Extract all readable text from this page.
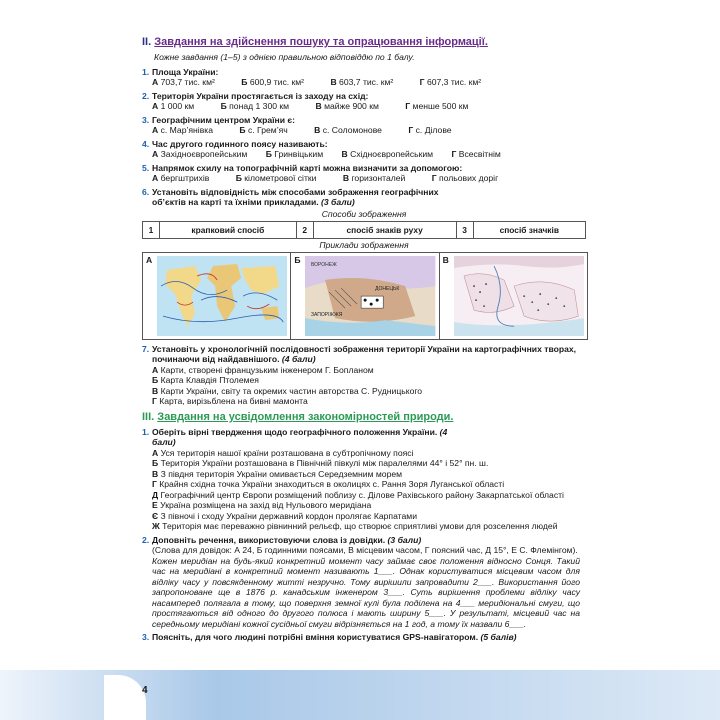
II. Завдання на здійснення пошуку та опрацювання інформації.
Кожне завдання (1–5) з однією правильною відповіддю по 1 балу.
1. Площа України:
А 703,7 тис. км²	Б 600,9 тис. км²	В 603,7 тис. км²	Г 607,3 тис. км²
2. Територія України простягається із заходу на схід:
А 1 000 км	Б понад 1 300 км	В майже 900 км	Г менше 500 км
3. Географічним центром України є:
А с. Мар’янівка	Б с. Грем’яч	В с. Соломонове	Г с. Ділове
4. Час другого годинного поясу називають:
А Західноєвропейським Б Гринвіцьким В Східноєвропейським Г Всесвітнім
5. Напрямок схилу на топографічній карті можна визначити за допомогою:
А бергштрихів	Б кілометрової сітки	В горизонталей	Г польових доріг
6. Установіть відповідність між способами зображення географічних об’єктів на карті та їхніми прикладами. (3 бали)
Способи зображення
1	крапковий спосіб	2	спосіб знаків руху	3	спосіб значків
Приклади зображення
А	Б
ВОРОНЕЖ
ДОНЕЦЬК
ЗАПОРІЖЖЯ
В
7. Установіть у хронологічній послідовності зображення території України на картографічних творах, починаючи від найдавнішого. (4 бали)
А Карти, створені французьким інженером Г. Бопланом
Б Карта Клавдія Птолемея
В Карти України, світу та окремих частин авторства С. Рудницького
Г Карта, вирізьблена на бивні мамонта
III. Завдання на усвідомлення закономірностей природи.
1. Оберіть вірні твердження щодо географічного положення України. (4 бали)
А Уся територія нашої країни розташована в субтропічному поясі
Б Територія України розташована в Північній півкулі між паралелями 44° і 52° пн. ш.
В З півдня територія України омивається Середземним морем
Г Крайня східна точка України знаходиться в околицях с. Рання Зоря Луганської області
Д Географічний центр Європи розміщений поблизу с. Ділове Рахівського району Закарпатської області
Е Україна розміщена на захід від Нульового меридіана
Є З півночі і сходу України державний кордон пролягає Карпатами
Ж Територія має переважно рівнинний рельєф, що створює сприятливі умови для розселення людей
2. Доповніть речення, використовуючи слова із довідки. (3 бали)
(Слова для довідок: А 24, Б годинними поясами, В місцевим часом, Г поясний час, Д 15°, Е С. Флемінгом).
Кожен меридіан на будь-який конкретний момент часу займає своє положення відносно Сонця. Такий час на меридіані в конкретний момент називають 1___. Однак користуватися місцевим часом для відліку часу у повсякденному житті незручно. Тому вирішили запровадити 2___. Використання його запропоноване ще в 1876 р. канадським інженером 3___. Суть вирішення проблеми відліку часу насамперед полягала в тому, що поверхня земної кулі була поділена на 4___ меридіональні смуги, що простягаються від одного до другого полюса і мають ширину 5___. У результаті, місцевий час на середньому меридіані кожної сусідньої смуги відрізняється на 1 год, а тому їх назвали 6___.
3. Поясніть, для чого людині потрібні вміння користуватися GPS-навігатором. (5 балів)
4
